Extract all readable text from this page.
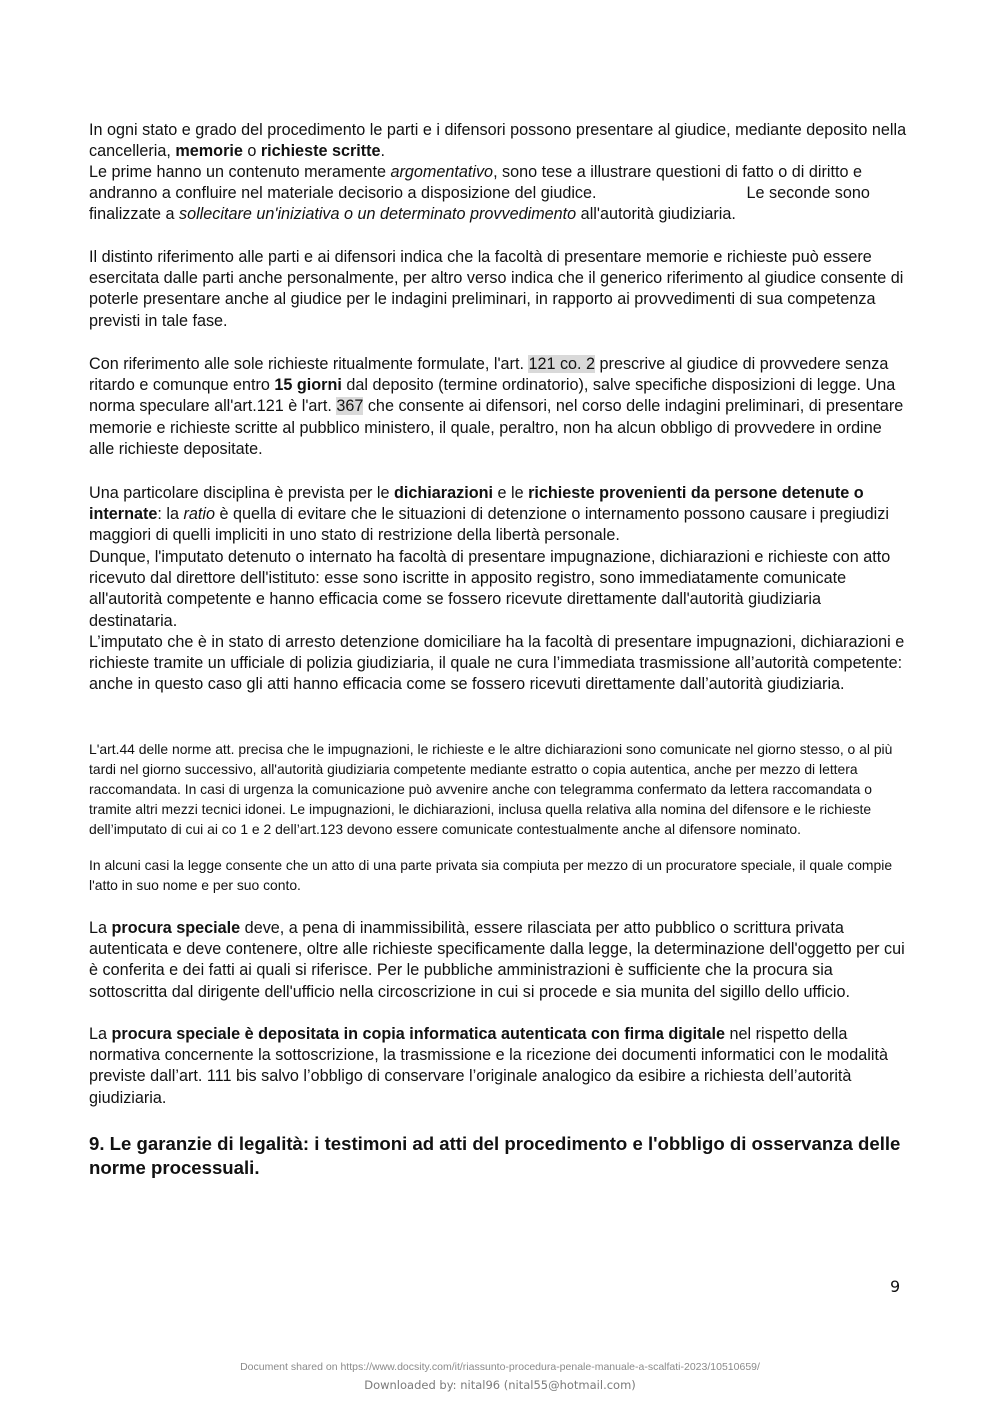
In ogni stato e grado del procedimento le parti e i difensori possono presentare al giudice, mediante deposito nella cancelleria, memorie o richieste scritte.

Le prime hanno un contenuto meramente argomentativo, sono tese a illustrare questioni di fatto o di diritto e andranno a confluire nel materiale decisorio a disposizione del giudice.	Le seconde sono finalizzate a sollecitare un'iniziativa o un determinato provvedimento all'autorità giudiziaria.

Il distinto riferimento alle parti e ai difensori indica che la facoltà di presentare memorie e richieste può essere esercitata dalle parti anche personalmente, per altro verso indica che il generico riferimento al giudice consente di poterle presentare anche al giudice per le indagini preliminari, in rapporto ai provvedimenti di sua competenza previsti in tale fase.

Con riferimento alle sole richieste ritualmente formulate, l'art. 121 co. 2 prescrive al giudice di provvedere senza ritardo e comunque entro 15 giorni dal deposito (termine ordinatorio), salve specifiche disposizioni di legge. Una norma speculare all'art.121 è l'art. 367 che consente ai difensori, nel corso delle indagini preliminari, di presentare memorie e richieste scritte al pubblico ministero, il quale, peraltro, non ha alcun obbligo di provvedere in ordine alle richieste depositate.

Una particolare disciplina è prevista per le dichiarazioni e le richieste provenienti da persone detenute o internate: la ratio è quella di evitare che le situazioni di detenzione o internamento possono causare i pregiudizi maggiori di quelli impliciti in uno stato di restrizione della libertà personale.

Dunque, l'imputato detenuto o internato ha facoltà di presentare impugnazione, dichiarazioni e richieste con atto ricevuto dal direttore dell'istituto: esse sono iscritte in apposito registro, sono immediatamente comunicate all'autorità competente e hanno efficacia come se fossero ricevute direttamente dall'autorità giudiziaria destinataria.

L’imputato che è in stato di arresto detenzione domiciliare ha la facoltà di presentare impugnazioni, dichiarazioni e richieste tramite un ufficiale di polizia giudiziaria, il quale ne cura l’immediata trasmissione all’autorità competente: anche in questo caso gli atti hanno efficacia come se fossero ricevuti direttamente dall’autorità giudiziaria.

L'art.44 delle norme att. precisa che le impugnazioni, le richieste e le altre dichiarazioni sono comunicate nel giorno stesso, o al più tardi nel giorno successivo, all'autorità giudiziaria competente mediante estratto o copia autentica, anche per mezzo di lettera raccomandata. In casi di urgenza la comunicazione può avvenire anche con telegramma confermato da lettera raccomandata o tramite altri mezzi tecnici idonei. Le impugnazioni, le dichiarazioni, inclusa quella relativa alla nomina del difensore e le richieste dell’imputato di cui ai co 1 e 2 dell’art.123 devono essere comunicate contestualmente anche al difensore nominato.

In alcuni casi la legge consente che un atto di una parte privata sia compiuta per mezzo di un procuratore speciale, il quale compie l'atto in suo nome e per suo conto.

La procura speciale deve, a pena di inammissibilità, essere rilasciata per atto pubblico o scrittura privata autenticata e deve contenere, oltre alle richieste specificamente dalla legge, la determinazione dell'oggetto per cui è conferita e dei fatti ai quali si riferisce. Per le pubbliche amministrazioni è sufficiente che la procura sia sottoscritta dal dirigente dell'ufficio nella circoscrizione in cui si procede e sia munita del sigillo dello ufficio.

La procura speciale è depositata in copia informatica autenticata con firma digitale nel rispetto della normativa concernente la sottoscrizione, la trasmissione e la ricezione dei documenti informatici con le modalità previste dall’art. 111 bis salvo l’obbligo di conservare l’originale analogico da esibire a richiesta dell’autorità giudiziaria.

9. Le garanzie di legalità: i testimoni ad atti del procedimento e l'obbligo di osservanza delle norme processuali.
9
Document shared on https://www.docsity.com/it/riassunto-procedura-penale-manuale-a-scalfati-2023/10510659/
Downloaded by: nital96 (nital55@hotmail.com)
